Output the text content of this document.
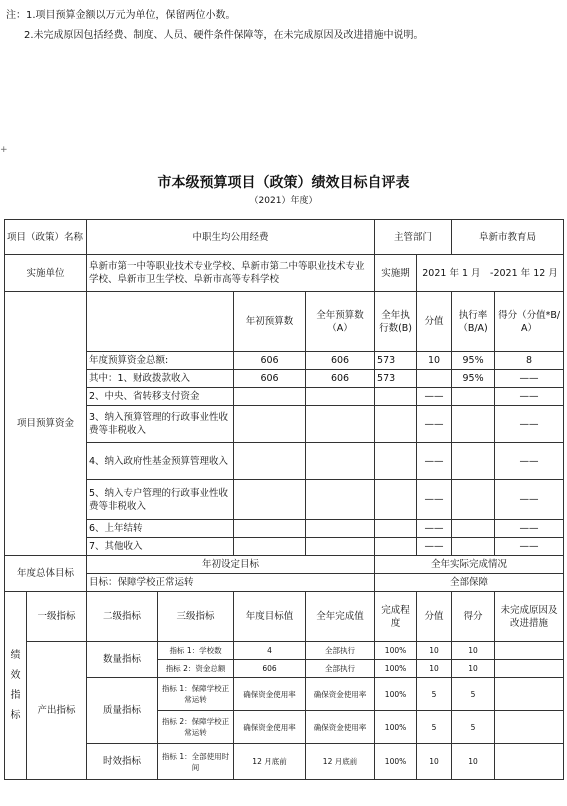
注：1.项目预算金额以万元为单位，保留两位小数。
2.未完成原因包括经费、制度、人员、硬件条件保障等，在未完成原因及改进措施中说明。
+
市本级预算项目（政策）绩效目标自评表
（2021）年度）
项目（政策）名称		中职生均公用经费				主管部门		阜新市教育局	
实施单位		阜新市第一中等职业技术专业学校、阜新市第二中等职业技术专业学校、阜新市卫生学校、阜新市高等专科学校				实施期	2021 年 1 月　-2021 年 12 月		
项目预算资金				年初预算数	全年预算数（A）	全年执行数(B)	分值	执行率（B/A)	得分（分值*B/A）
		年度预算资金总额:		606	606	573	10	95%	8
		其中：1、财政拨款收入		606	606	573		95%	——
		2、中央、省转移支付资金					——		——
		3、纳入预算管理的行政事业性收费等非税收入					——		——
		4、纳入政府性基金预算管理收入					——		——
		5、纳入专户管理的行政事业性收费等非税收入					——		——
		6、上年结转					——		——
		7、其他收入					——		——
年度总体目标		年初设定目标				全年实际完成情况			
		目标：保障学校正常运转				全部保障			
绩效指标	一级指标	二级指标	三级指标	年度目标值	全年完成值	完成程度	分值	得分	未完成原因及改进措施
	产出指标	数量指标	指标 1：学校数	4	全部执行	100%	10	10	
			指标 2：资金总额	606	全部执行	100%	10	10	
		质量指标	指标 1：保障学校正常运转	确保资金使用率	确保资金使用率	100%	5	5	
			指标 2：保障学校正常运转	确保资金使用率	确保资金使用率	100%	5	5	
		时效指标	指标 1：全部使用时间	12 月底前	12 月底前	100%	10	10	
